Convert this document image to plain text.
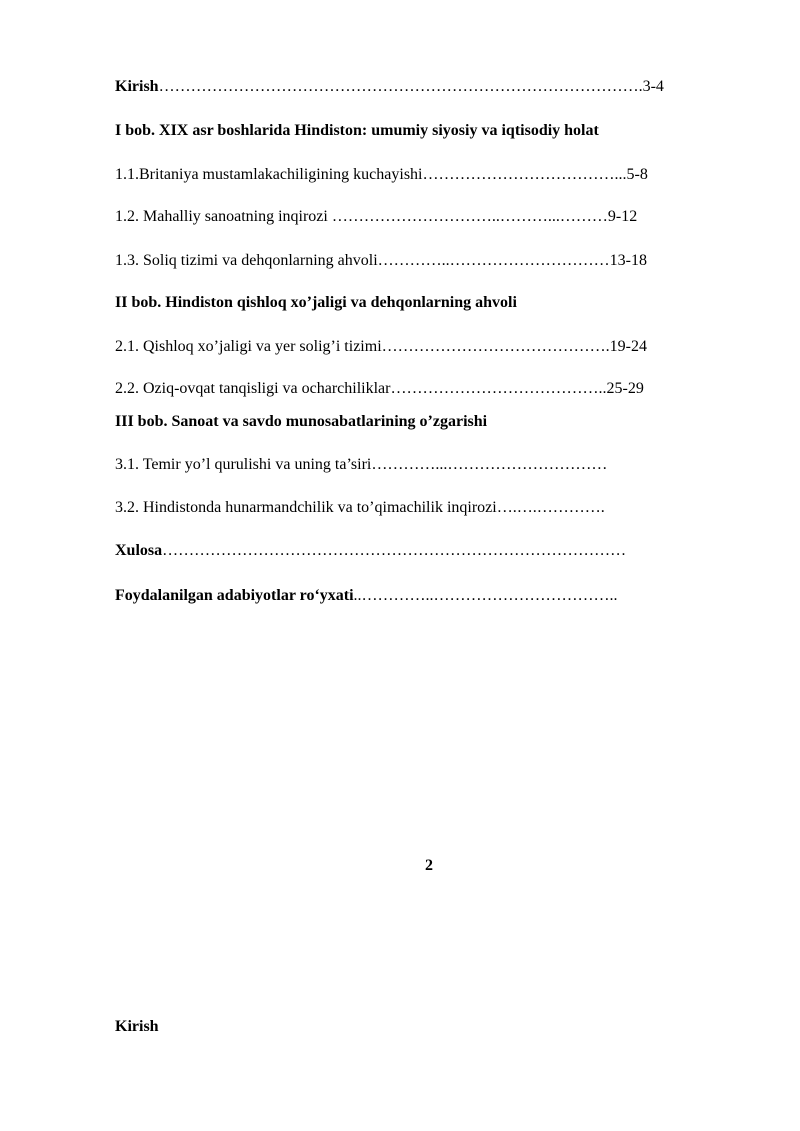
Kirish……………………………………………………………………………….3-4
I bob. XIX asr boshlarida Hindiston: umumiy siyosiy va iqtisodiy holat
1.1.Britaniya mustamlakachiligining kuchayishi………………………………...5-8
1.2. Mahalliy sanoatning inqirozi …………………………..………...………9-12
1.3. Soliq tizimi va dehqonlarning ahvoli…………..…………………………13-18
II bob. Hindiston qishloq xo’jaligi va dehqonlarning ahvoli
2.1. Qishloq xo’jaligi va yer solig’i tizimi…………………………………….19-24
2.2. Oziq-ovqat tanqisligi va ocharchiliklar…………………………………..25-29
III bob. Sanoat va savdo munosabatlarining o’zgarishi
3.1. Temir yo’l qurulishi va uning ta’siri…………...…………………………
3.2. Hindistonda hunarmandchilik va to’qimachilik inqirozi….….………….
Xulosa……………………………………………………………………………
Foydalanilgan adabiyotlar ro‘yxati..…………..……………………………..
2
Kirish
